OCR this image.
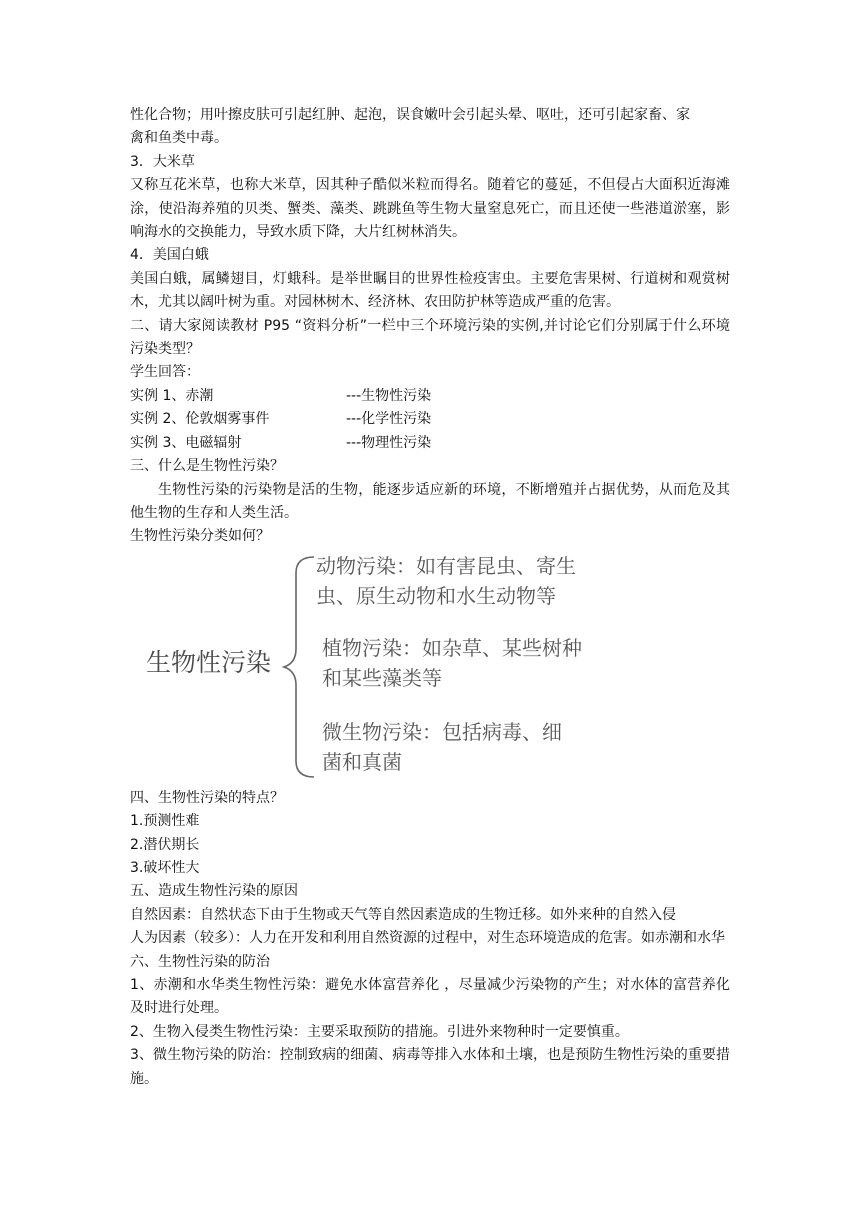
性化合物；用叶擦皮肤可引起红肿、起泡，误食嫩叶会引起头晕、呕吐，还可引起家畜、家
禽和鱼类中毒。
3．大米草
又称互花米草，也称大米草，因其种子酷似米粒而得名。随着它的蔓延，不但侵占大面积近海滩涂，使沿海养殖的贝类、蟹类、藻类、跳跳鱼等生物大量窒息死亡，而且还使一些港道淤塞，影响海水的交换能力，导致水质下降，大片红树林消失。
4．美国白蛾
美国白蛾，属鳞翅目，灯蛾科。是举世瞩目的世界性检疫害虫。主要危害果树、行道树和观赏树木，尤其以阔叶树为重。对园林树木、经济林、农田防护林等造成严重的危害。
二、请大家阅读教材 P95 “资料分析”一栏中三个环境污染的实例,并讨论它们分别属于什么环境污染类型？
学生回答：
实例 1、赤潮	---生物性污染
实例 2、伦敦烟雾事件	---化学性污染
实例 3、电磁辐射	---物理性污染
三、什么是生物性污染？
生物性污染的污染物是活的生物，能逐步适应新的环境，不断增殖并占据优势，从而危及其他生物的生存和人类生活。
生物性污染分类如何？
生物性污染
动物污染：如有害昆虫、寄生
虫、原生动物和水生动物等
植物污染：如杂草、某些树种
和某些藻类等
微生物污染：包括病毒、细
菌和真菌
四、生物性污染的特点？
1.预测性难
2.潜伏期长
3.破坏性大
五、造成生物性污染的原因
自然因素：自然状态下由于生物或天气等自然因素造成的生物迁移。如外来种的自然入侵
人为因素（较多）：人力在开发和利用自然资源的过程中，对生态环境造成的危害。如赤潮和水华
六、生物性污染的防治
1、赤潮和水华类生物性污染：避免水体富营养化 ，尽量减少污染物的产生；对水体的富营养化及时进行处理。
2、生物入侵类生物性污染：主要采取预防的措施。引进外来物种时一定要慎重。
3、微生物污染的防治：控制致病的细菌、病毒等排入水体和土壤，也是预防生物性污染的重要措施。
